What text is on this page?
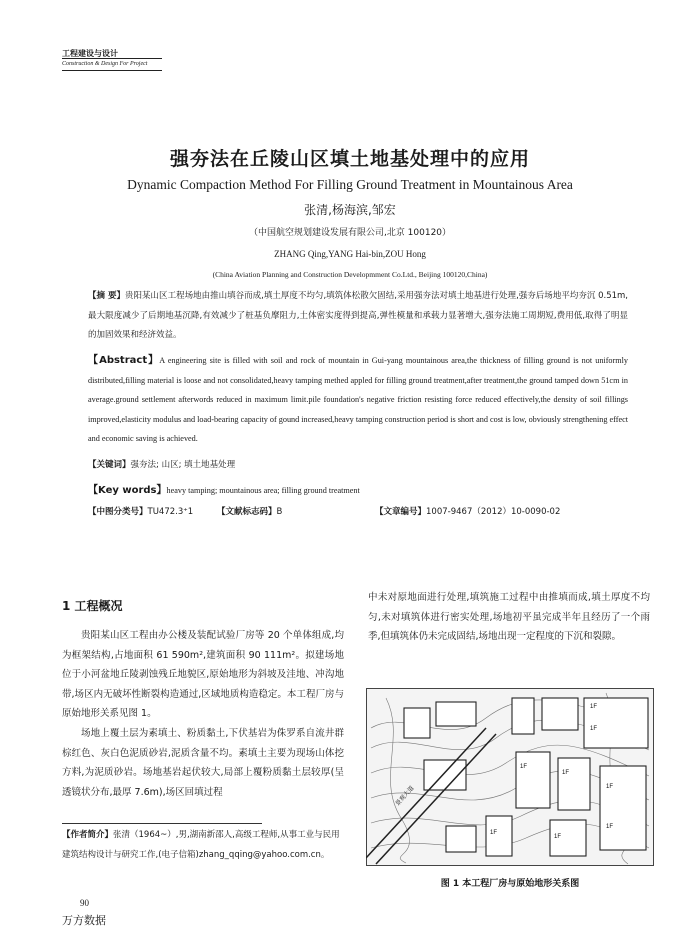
工程建设与设计
Construction & Design For Project
强夯法在丘陵山区填土地基处理中的应用
Dynamic Compaction Method For Filling Ground Treatment in Mountainous Area
张清,杨海滨,邹宏
（中国航空规划建设发展有限公司,北京 100120）
ZHANG Qing,YANG Hai-bin,ZOU Hong
(China Aviation Planning and Construction Developmment Co.Ltd., Beijing 100120,China)
【摘 要】贵阳某山区工程场地由推山填谷而成,填土厚度不均匀,填筑体松散欠固结,采用强夯法对填土地基进行处理,强夯后场地平均夯沉 0.51m,最大限度减少了后期地基沉降,有效减少了桩基负摩阻力,土体密实度得到提高,弹性模量和承载力显著增大,强夯法施工周期短,费用低,取得了明显的加固效果和经济效益。
【Abstract】A engineering site is filled with soil and rock of mountain in Gui-yang mountainous area,the thickness of filling ground is not uniformly distributed,filling material is loose and not consolidated,heavy tamping methed appled for filling ground treatment,after treatment,the ground tamped down 51cm in average.ground settlement afterwords reduced in maximum limit.pile foundation's negative friction resisting force reduced effectively,the density of soil fillings improved,elasticity modulus and load-bearing capacity of gound increased,heavy tamping construction period is short and cost is low, obviously strengthening effect and economic saving is achieved.
【关键词】强夯法; 山区; 填土地基处理
【Key words】heavy tamping; mountainous area; filling ground treatment
【中图分类号】TU472.3⁺1	【文献标志码】B	【文章编号】1007-9467（2012）10-0090-02
1 工程概况

贵阳某山区工程由办公楼及装配试验厂房等 20 个单体组成,均为框架结构,占地面积 61 590m²,建筑面积 90 111m²。拟建场地位于小河盆地丘陵剥蚀残丘地貌区,原始地形为斜坡及洼地、冲沟地带,场区内无破坏性断裂构造通过,区域地质构造稳定。本工程厂房与原始地形关系见图 1。

场地上覆土层为素填土、粉质黏土,下伏基岩为侏罗系自流井群棕红色、灰白色泥质砂岩,泥质含量不均。素填土主要为现场山体挖方料,为泥质砂岩。场地基岩起伏较大,局部上覆粉质黏土层较厚(呈透镜状分布,最厚 7.6m),场区回填过程

中未对原地面进行处理,填筑施工过程中由推填而成,填土厚度不均匀,未对填筑体进行密实处理,场地初平虽完成半年且经历了一个雨季,但填筑体仍未完成固结,场地出现一定程度的下沉和裂隙。

1F
1F
1F
1F
1F
1F
1F
1F
景观大道
图 1 本工程厂房与原始地形关系图
【作者简介】张清（1964~）,男,湖南新邵人,高级工程师,从事工业与民用建筑结构设计与研究工作,(电子信箱)zhang_qqing@yahoo.com.cn。
90
万方数据
